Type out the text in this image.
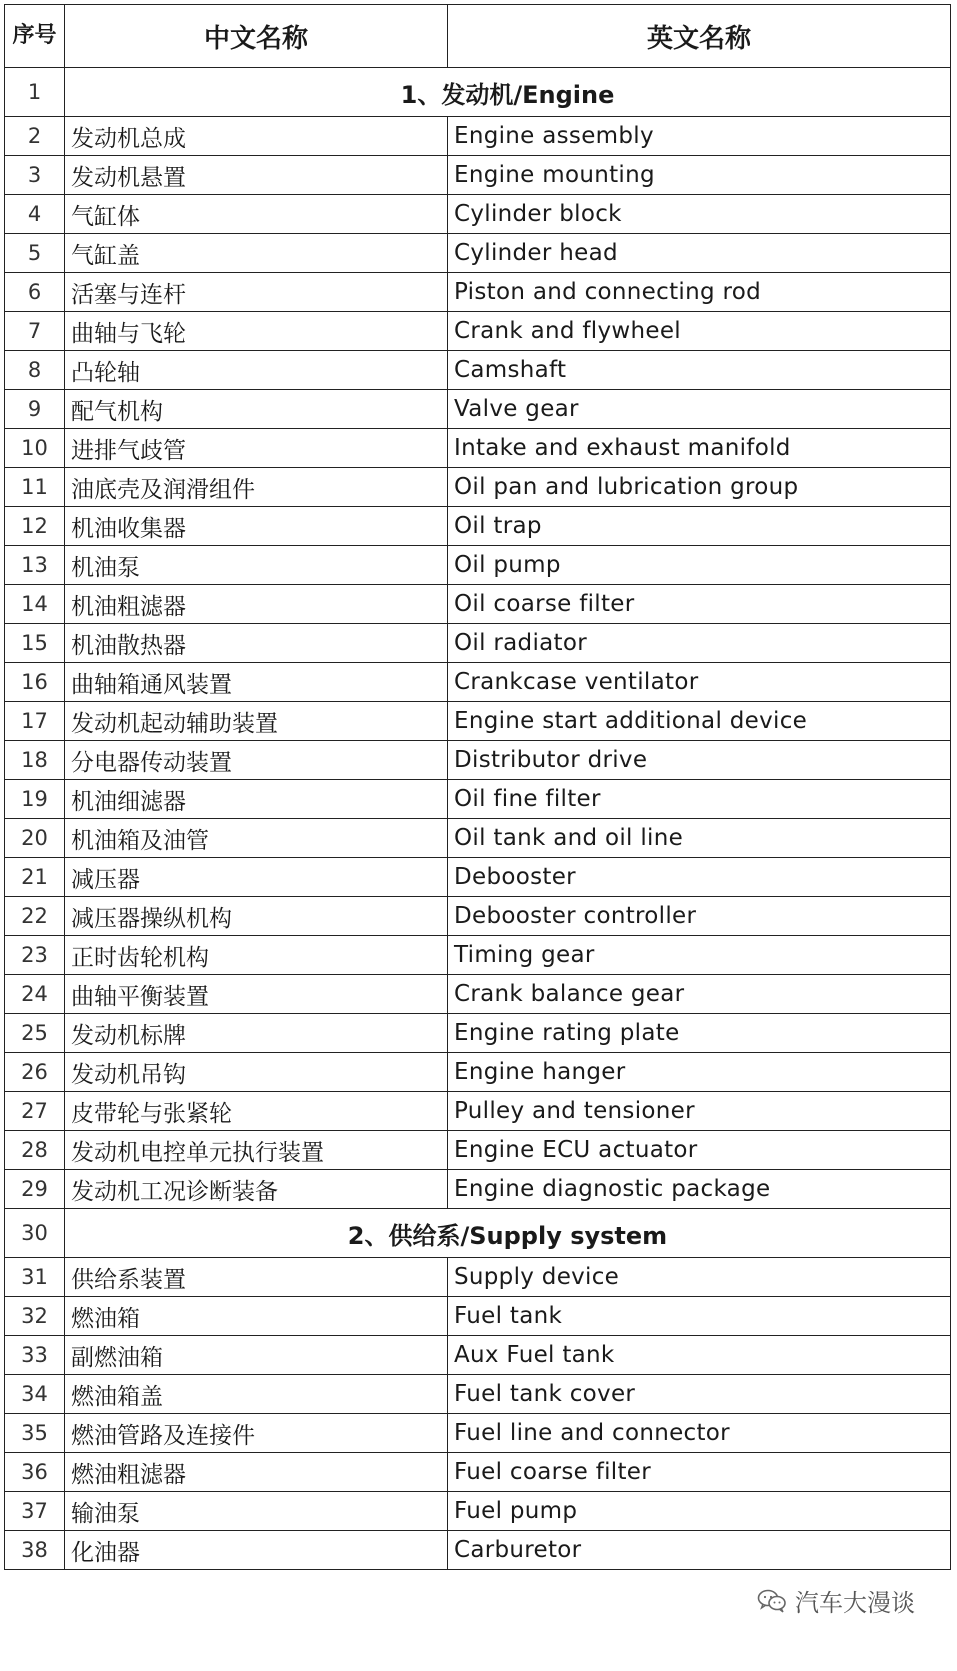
序号	中文名称	英文名称
1	1、发动机/Engine	
2	发动机总成	Engine assembly
3	发动机悬置	Engine mounting
4	气缸体	Cylinder block
5	气缸盖	Cylinder head
6	活塞与连杆	Piston and connecting rod
7	曲轴与飞轮	Crank and flywheel
8	凸轮轴	Camshaft
9	配气机构	Valve gear
10	进排气歧管	Intake and exhaust manifold
11	油底壳及润滑组件	Oil pan and lubrication group
12	机油收集器	Oil trap
13	机油泵	Oil pump
14	机油粗滤器	Oil coarse filter
15	机油散热器	Oil radiator
16	曲轴箱通风装置	Crankcase ventilator
17	发动机起动辅助装置	Engine start additional device
18	分电器传动装置	Distributor drive
19	机油细滤器	Oil fine filter
20	机油箱及油管	Oil tank and oil line
21	减压器	Debooster
22	减压器操纵机构	Debooster controller
23	正时齿轮机构	Timing gear
24	曲轴平衡装置	Crank balance gear
25	发动机标牌	Engine rating plate
26	发动机吊钩	Engine hanger
27	皮带轮与张紧轮	Pulley and tensioner
28	发动机电控单元执行装置	Engine ECU actuator
29	发动机工况诊断装备	Engine diagnostic package
30	2、供给系/Supply system	
31	供给系装置	Supply device
32	燃油箱	Fuel tank
33	副燃油箱	Aux Fuel tank
34	燃油箱盖	Fuel tank cover
35	燃油管路及连接件	Fuel line and connector
36	燃油粗滤器	Fuel coarse filter
37	输油泵	Fuel pump
38	化油器	Carburetor
汽车大漫谈
